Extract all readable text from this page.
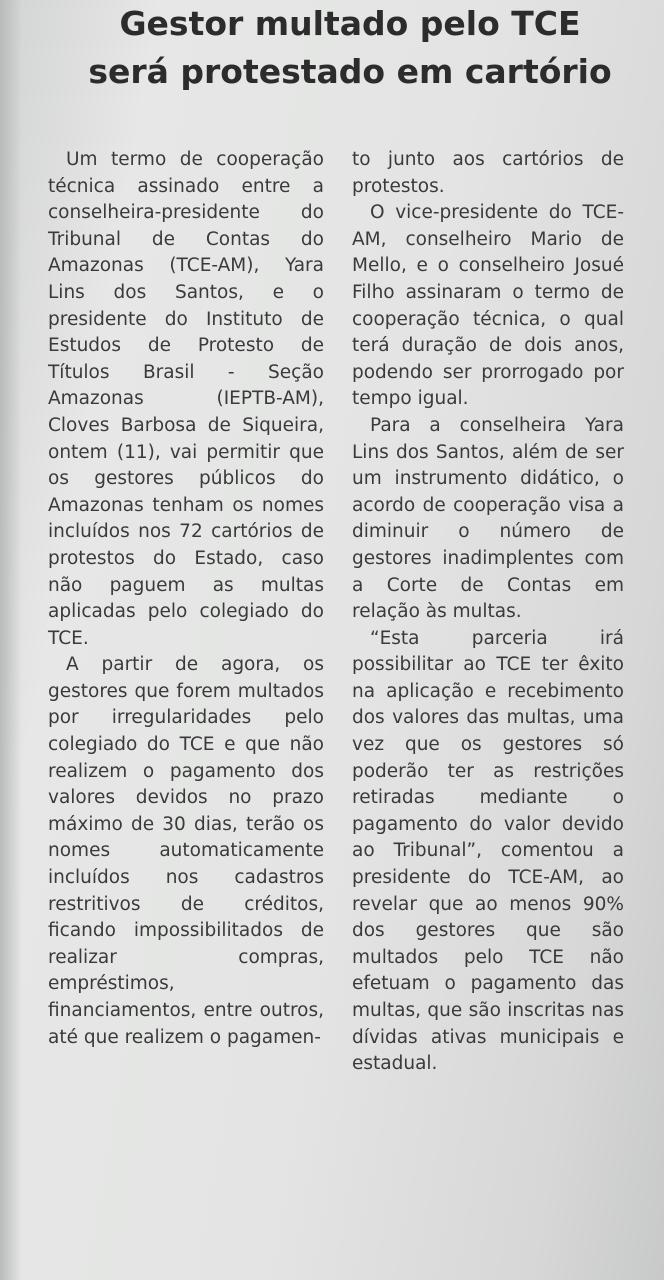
Gestor multado pelo TCE
será protestado em cartório

Um termo de cooperação técnica assinado entre a conselheira-presidente do Tribunal de Contas do Amazonas (TCE-AM), Yara Lins dos Santos, e o presidente do Instituto de Estudos de Protesto de Títulos Brasil - Seção Amazonas (IEPTB-AM), Cloves Barbosa de Siqueira, ontem (11), vai permitir que os gestores públicos do Amazonas tenham os nomes incluídos nos 72 cartórios de protestos do Estado, caso não paguem as multas aplicadas pelo colegiado do TCE.

A partir de agora, os gestores que forem multados por irregularidades pelo colegiado do TCE e que não realizem o pagamento dos valores devidos no prazo máximo de 30 dias, terão os nomes automaticamente incluídos nos cadastros restritivos de créditos, ficando impossibilitados de realizar compras, empréstimos, financiamentos, entre outros, até que realizem o pagamen-

to junto aos cartórios de protestos.

O vice-presidente do TCE-AM, conselheiro Mario de Mello, e o conselheiro Josué Filho assinaram o termo de cooperação técnica, o qual terá duração de dois anos, podendo ser prorrogado por tempo igual.

Para a conselheira Yara Lins dos Santos, além de ser um instrumento didático, o acordo de cooperação visa a diminuir o número de gestores inadimplentes com a Corte de Contas em relação às multas.

“Esta parceria irá possibilitar ao TCE ter êxito na aplicação e recebimento dos valores das multas, uma vez que os gestores só poderão ter as restrições retiradas mediante o pagamento do valor devido ao Tribunal”, comentou a presidente do TCE-AM, ao revelar que ao menos 90% dos gestores que são multados pelo TCE não efetuam o pagamento das multas, que são inscritas nas dívidas ativas municipais e estadual.
